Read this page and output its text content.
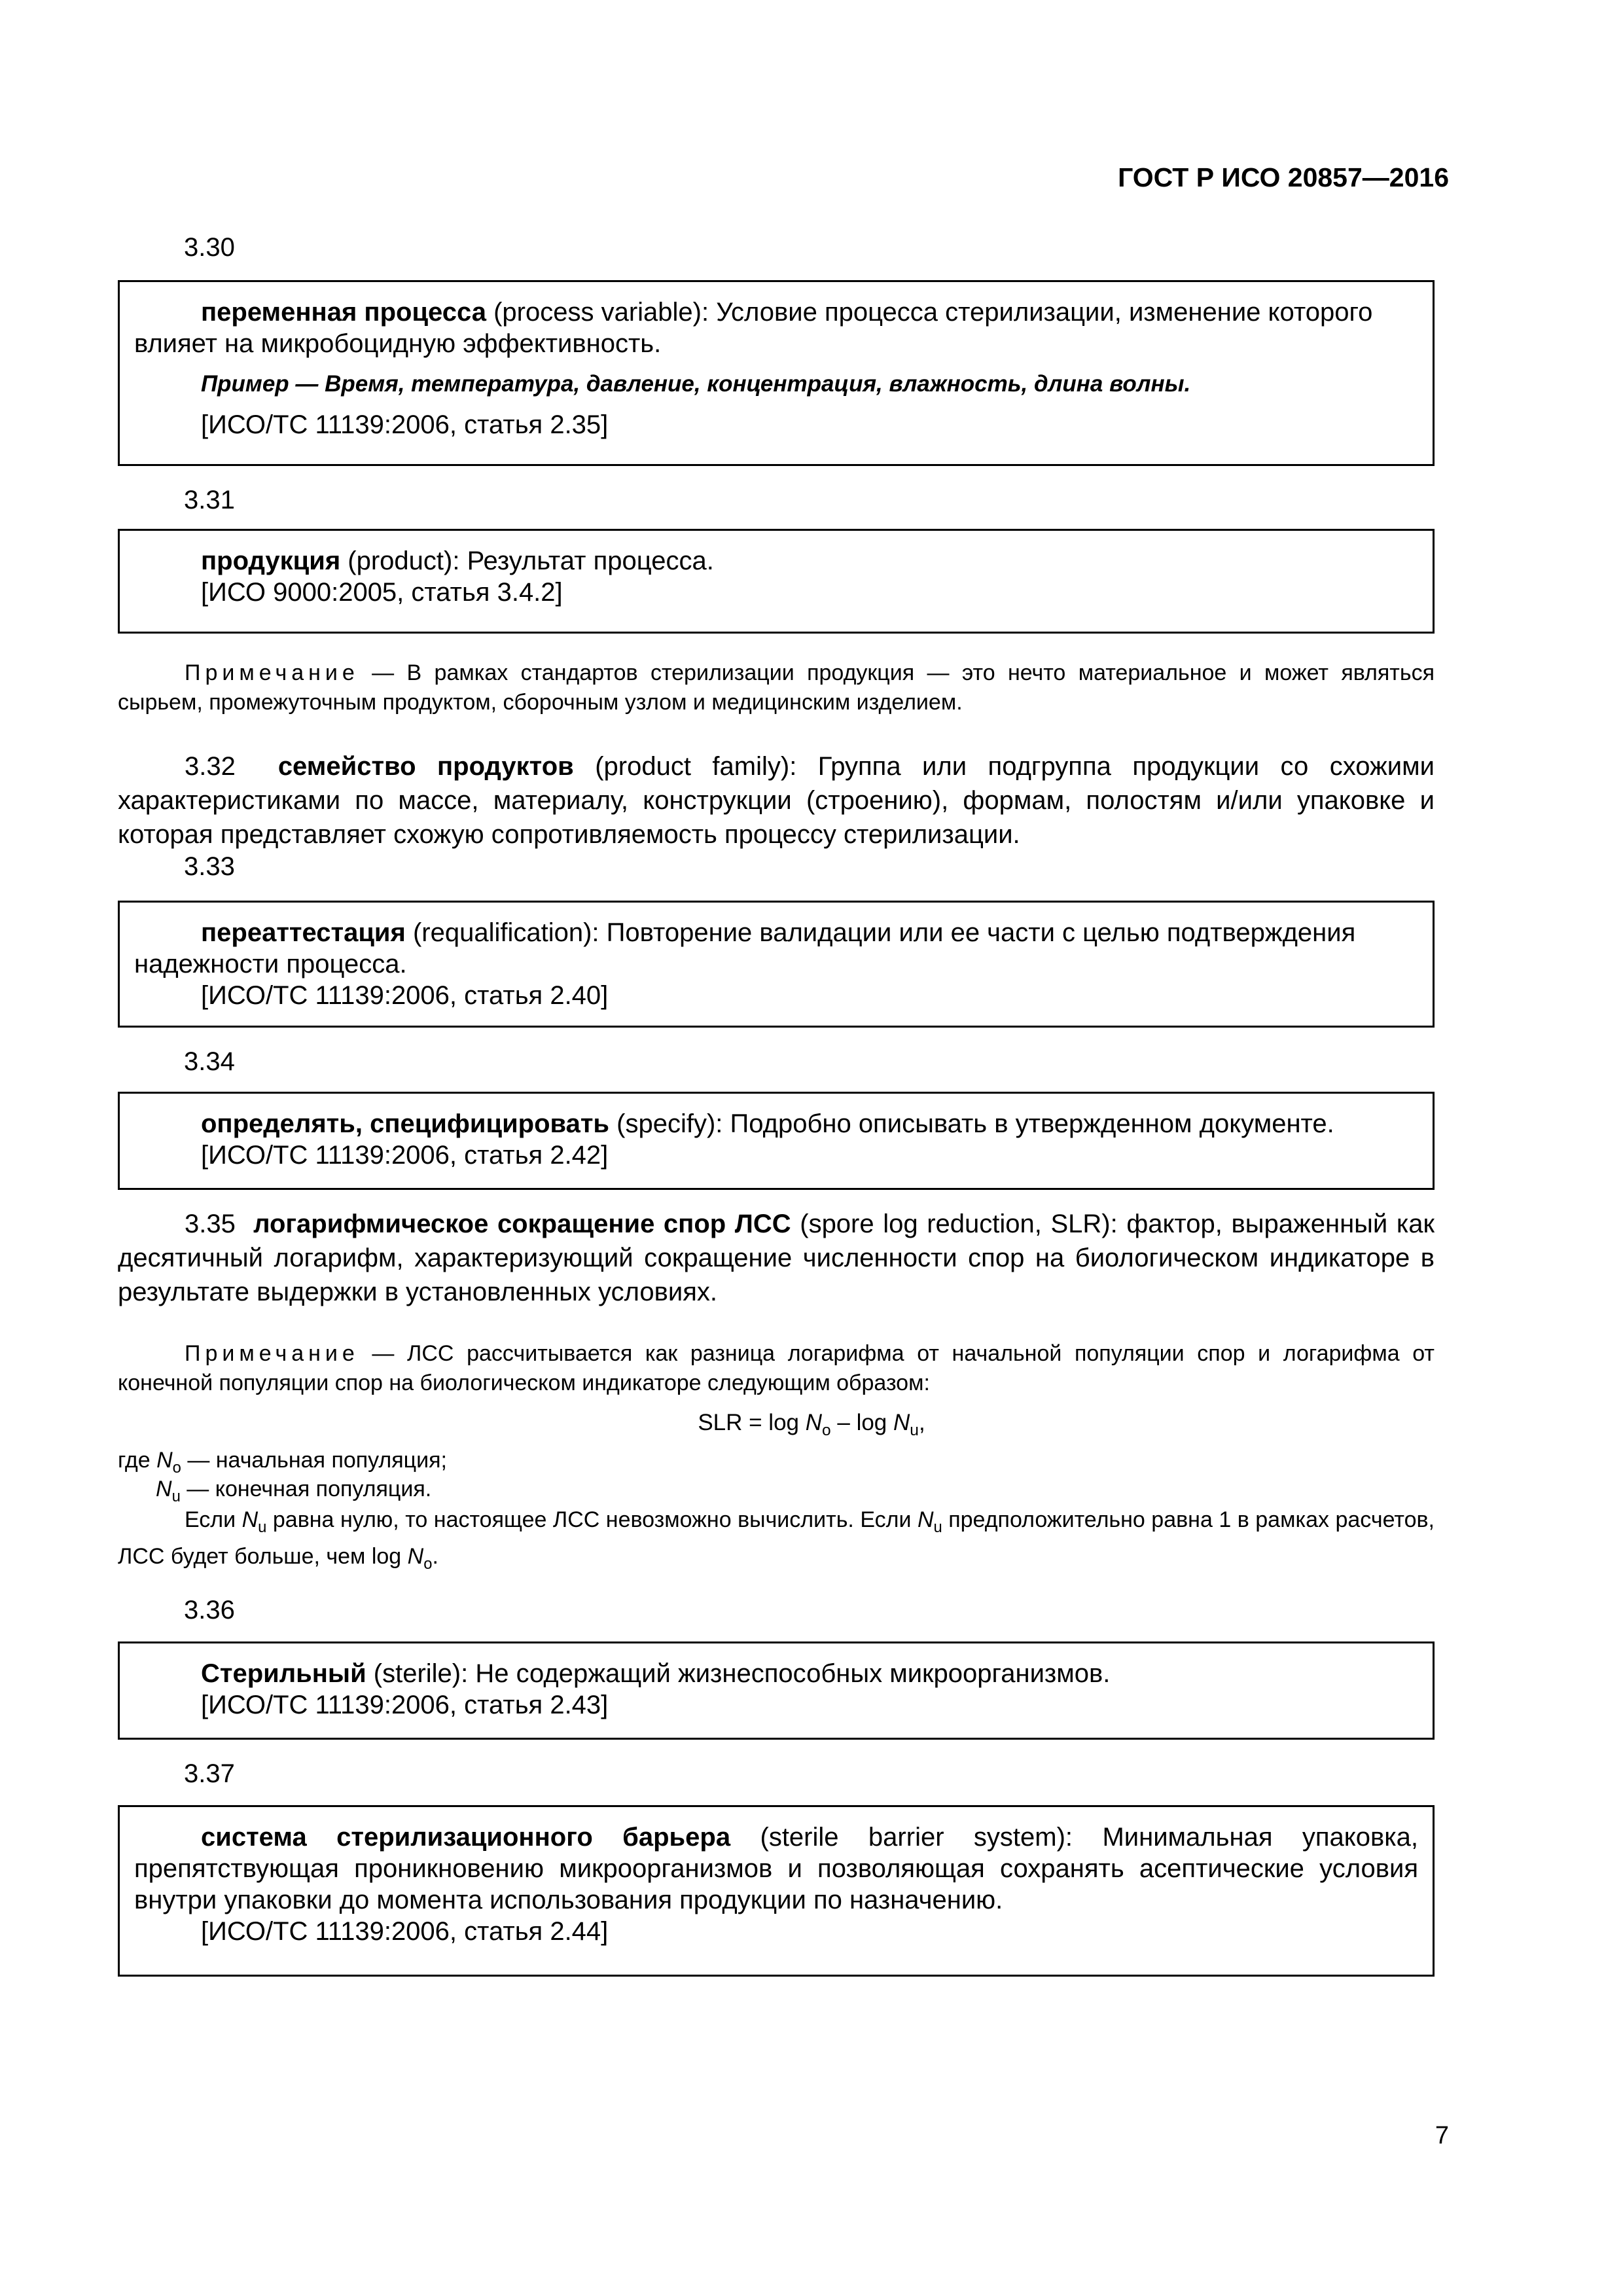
ГОСТ Р ИСО 20857—2016
3.30

переменная процесса (process variable): Условие процесса стерилизации, изменение которого влияет на микробоцидную эффективность.

Пример — Время, температура, давление, концентрация, влажность, длина волны.

[ИСО/ТС 11139:2006, статья 2.35]

3.31

продукция (product): Результат процесса.

[ИСО 9000:2005, статья 3.4.2]

Примечание — В рамках стандартов стерилизации продукция — это нечто материальное и может являться сырьем, промежуточным продуктом, сборочным узлом и медицинским изделием.

3.32 семейство продуктов (product family): Группа или подгруппа продукции со схожими характеристиками по массе, материалу, конструкции (строению), формам, полостям и/или упаковке и которая представляет схожую сопротивляемость процессу стерилизации.

3.33

переаттестация (requalification): Повторение валидации или ее части с целью подтверждения надежности процесса.

[ИСО/ТС 11139:2006, статья 2.40]

3.34

определять, специфицировать (specify): Подробно описывать в утвержденном документе.

[ИСО/ТС 11139:2006, статья 2.42]

3.35 логарифмическое сокращение спор ЛСС (spore log reduction, SLR): фактор, выраженный как десятичный логарифм, характеризующий сокращение численности спор на биологическом индикаторе в результате выдержки в установленных условиях.

Примечание — ЛСС рассчитывается как разница логарифма от начальной популяции спор и логарифма от конечной популяции спор на биологическом индикаторе следующим образом:

SLR = $\log N_o$ – $\log N_u$,
где $N_o$ — начальная популяция;
$N_u$ — конечная популяция.

Если $N_u$ равна нулю, то настоящее ЛСС невозможно вычислить. Если $N_u$ предположительно равна 1 в рамках расчетов, ЛСС будет больше, чем $\log N_o$.

3.36

Стерильный (sterile): Не содержащий жизнеспособных микроорганизмов.

[ИСО/ТС 11139:2006, статья 2.43]

3.37

система стерилизационного барьера (sterile barrier system): Минимальная упаковка, препятствующая проникновению микроорганизмов и позволяющая сохранять асептические условия внутри упаковки до момента использования продукции по назначению.

[ИСО/ТС 11139:2006, статья 2.44]

7
